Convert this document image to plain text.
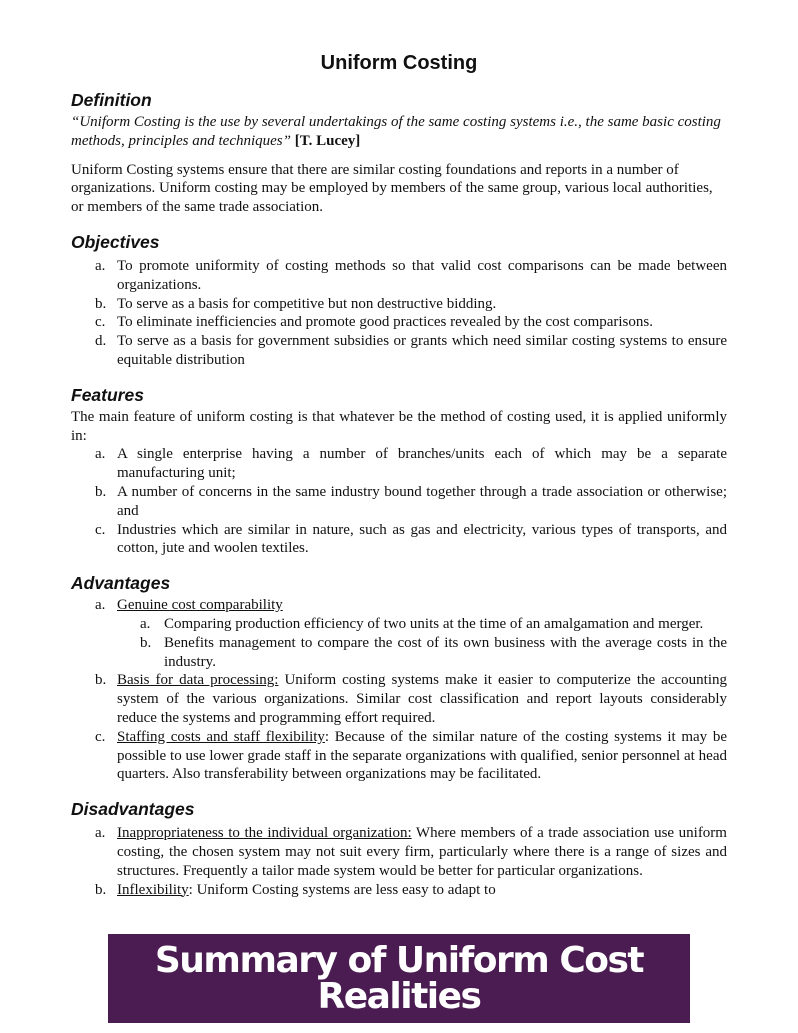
Uniform Costing
Definition

“Uniform Costing is the use by several undertakings of the same costing systems i.e., the same basic costing methods, principles and techniques” [T. Lucey]

Uniform Costing systems ensure that there are similar costing foundations and reports in a number of organizations. Uniform costing may be employed by members of the same group, various local authorities, or members of the same trade association.

Objectives
a. To promote uniformity of costing methods so that valid cost comparisons can be made between organizations.
b. To serve as a basis for competitive but non destructive bidding.
c. To eliminate inefficiencies and promote good practices revealed by the cost comparisons.
d. To serve as a basis for government subsidies or grants which need similar costing systems to ensure equitable distribution
Features

The main feature of uniform costing is that whatever be the method of costing used, it is applied uniformly in:

a. A single enterprise having a number of branches/units each of which may be a separate manufacturing unit;
b. A number of concerns in the same industry bound together through a trade association or otherwise; and
c. Industries which are similar in nature, such as gas and electricity, various types of transports, and cotton, jute and woolen textiles.
Advantages
a. Genuine cost comparability
a. Comparing production efficiency of two units at the time of an amalgamation and merger.
b. Benefits management to compare the cost of its own business with the average costs in the industry.
b. Basis for data processing: Uniform costing systems make it easier to computerize the accounting system of the various organizations. Similar cost classification and report layouts considerably reduce the systems and programming effort required.
c. Staffing costs and staff flexibility: Because of the similar nature of the costing systems it may be possible to use lower grade staff in the separate organizations with qualified, senior personnel at head quarters. Also transferability between organizations may be facilitated.
Disadvantages
a. Inappropriateness to the individual organization: Where members of a trade association use uniform costing, the chosen system may not suit every firm, particularly where there is a range of sizes and structures. Frequently a tailor made system would be better for particular organizations.
b. Inflexibility: Uniform Costing systems are less easy to adapt to
Summary of Uniform Cost Realities
